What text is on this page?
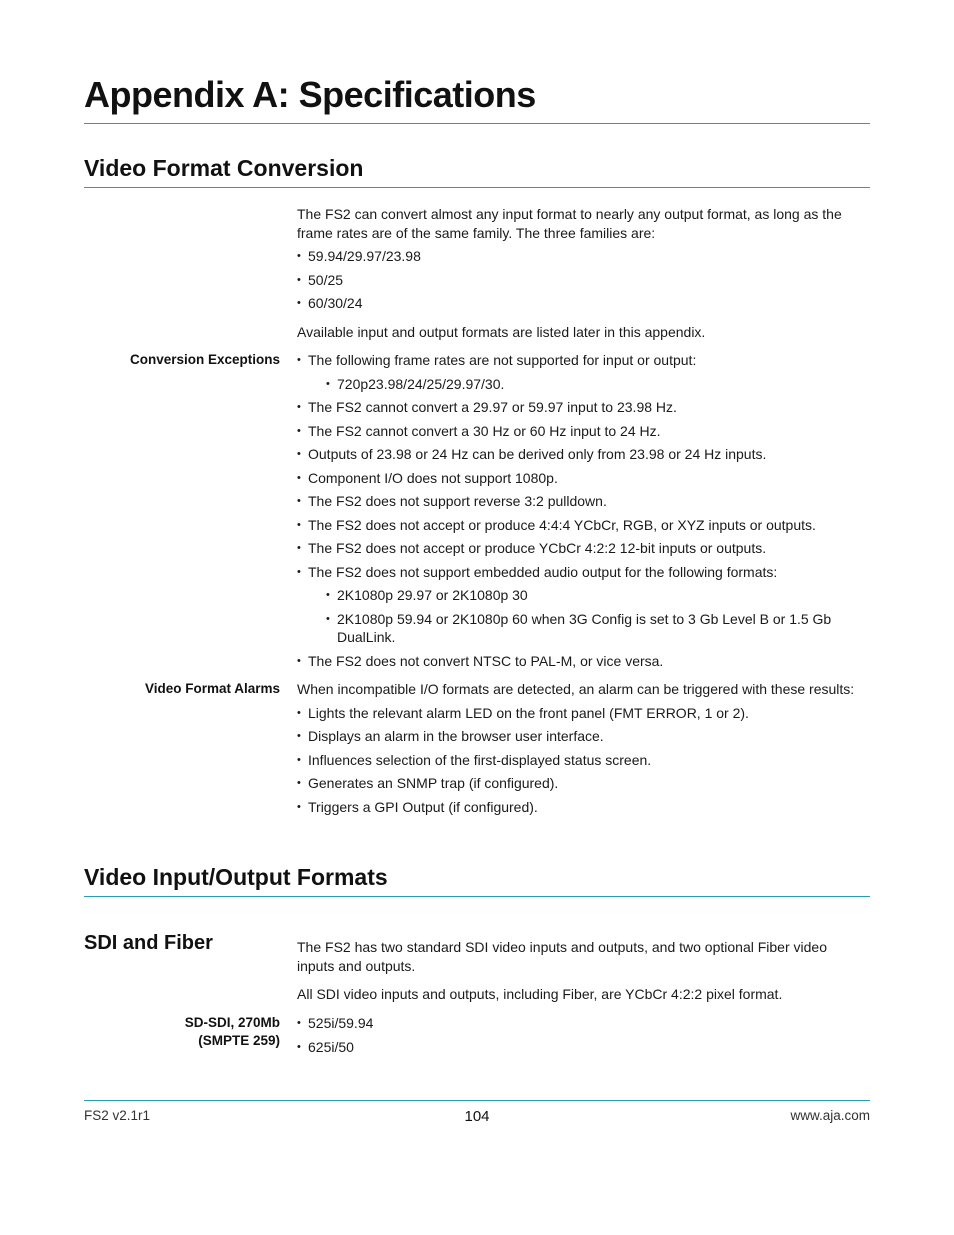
Appendix A: Specifications
Video Format Conversion

The FS2 can convert almost any input format to nearly any output format, as long as the frame rates are of the same family. The three families are:

• 59.94/29.97/23.98
• 50/25
• 60/30/24

Available input and output formats are listed later in this appendix.

Conversion Exceptions
•	The following frame rates are not supported for input or output:
• 720p23.98/24/25/29.97/30.
• The FS2 cannot convert a 29.97 or 59.97 input to 23.98 Hz.
• The FS2 cannot convert a 30 Hz or 60 Hz input to 24 Hz.
• Outputs of 23.98 or 24 Hz can be derived only from 23.98 or 24 Hz inputs.
• Component I/O does not support 1080p.
• The FS2 does not support reverse 3:2 pulldown.
• The FS2 does not accept or produce 4:4:4 YCbCr, RGB, or XYZ inputs or outputs.
• The FS2 does not accept or produce YCbCr 4:2:2 12-bit inputs or outputs.
• The FS2 does not support embedded audio output for the following formats:
• 2K1080p 29.97 or 2K1080p 30
• 2K1080p 59.94 or 2K1080p 60 when 3G Config is set to 3 Gb Level B or 1.5 Gb DualLink.
• The FS2 does not convert NTSC to PAL-M, or vice versa.
Video Format Alarms When incompatible I/O formats are detected, an alarm can be triggered with these results:

• Lights the relevant alarm LED on the front panel (FMT ERROR, 1 or 2).
• Displays an alarm in the browser user interface.
• Influences selection of the first-displayed status screen.
• Generates an SNMP trap (if configured).
• Triggers a GPI Output (if configured).
Video Input/Output Formats
SDI and Fiber	The FS2 has two standard SDI video inputs and outputs, and two optional Fiber video inputs and outputs.

All SDI video inputs and outputs, including Fiber, are YCbCr 4:2:2 pixel format.

SD-SDI, 270Mb
(SMPTE 259)
• 525i/59.94
• 625i/50
FS2 v2.1r1	104	www.aja.com
